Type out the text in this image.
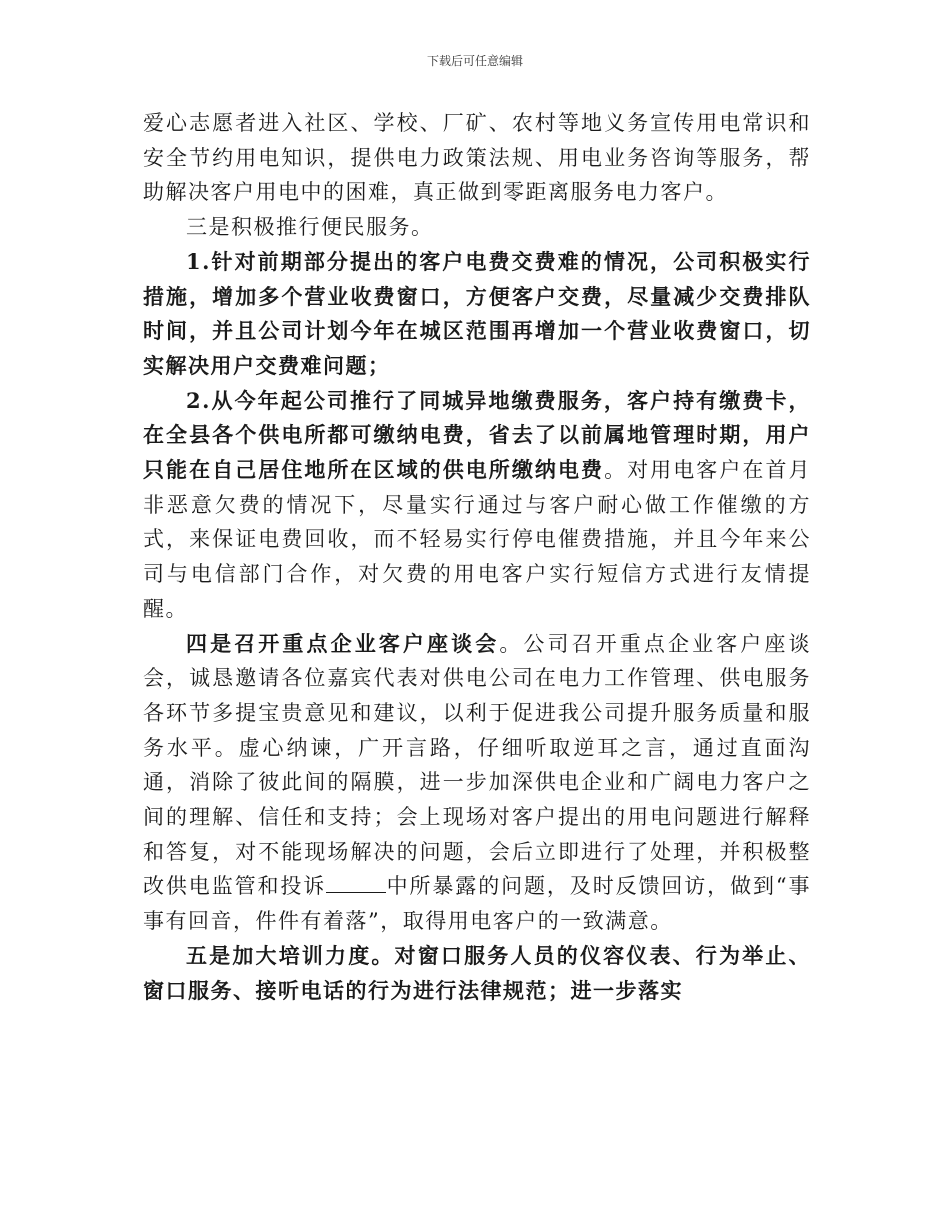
下载后可任意编辑

爱心志愿者进入社区、学校、厂矿、农村等地义务宣传用电常识和安全节约用电知识，提供电力政策法规、用电业务咨询等服务，帮助解决客户用电中的困难，真正做到零距离服务电力客户。

三是积极推行便民服务。

1.针对前期部分提出的客户电费交费难的情况，公司积极实行措施，增加多个营业收费窗口，方便客户交费，尽量减少交费排队时间，并且公司计划今年在城区范围再增加一个营业收费窗口，切实解决用户交费难问题；

2.从今年起公司推行了同城异地缴费服务，客户持有缴费卡，在全县各个供电所都可缴纳电费，省去了以前属地管理时期，用户只能在自己居住地所在区域的供电所缴纳电费。对用电客户在首月非恶意欠费的情况下，尽量实行通过与客户耐心做工作催缴的方式，来保证电费回收，而不轻易实行停电催费措施，并且今年来公司与电信部门合作，对欠费的用电客户实行短信方式进行友情提醒。

四是召开重点企业客户座谈会。公司召开重点企业客户座谈会，诚恳邀请各位嘉宾代表对供电公司在电力工作管理、供电服务各环节多提宝贵意见和建议，以利于促进我公司提升服务质量和服务水平。虚心纳谏，广开言路，仔细听取逆耳之言，通过直面沟通，消除了彼此间的隔膜，进一步加深供电企业和广阔电力客户之间的理解、信任和支持；会上现场对客户提出的用电问题进行解释和答复，对不能现场解决的问题，会后立即进行了处理，并积极整改供电监管和投诉	中所暴露的问题，及时反馈回访，做到“事事有回音，件件有着落”，取得用电客户的一致满意。

五是加大培训力度。对窗口服务人员的仪容仪表、行为举止、窗口服务、接听电话的行为进行法律规范；进一步落实
